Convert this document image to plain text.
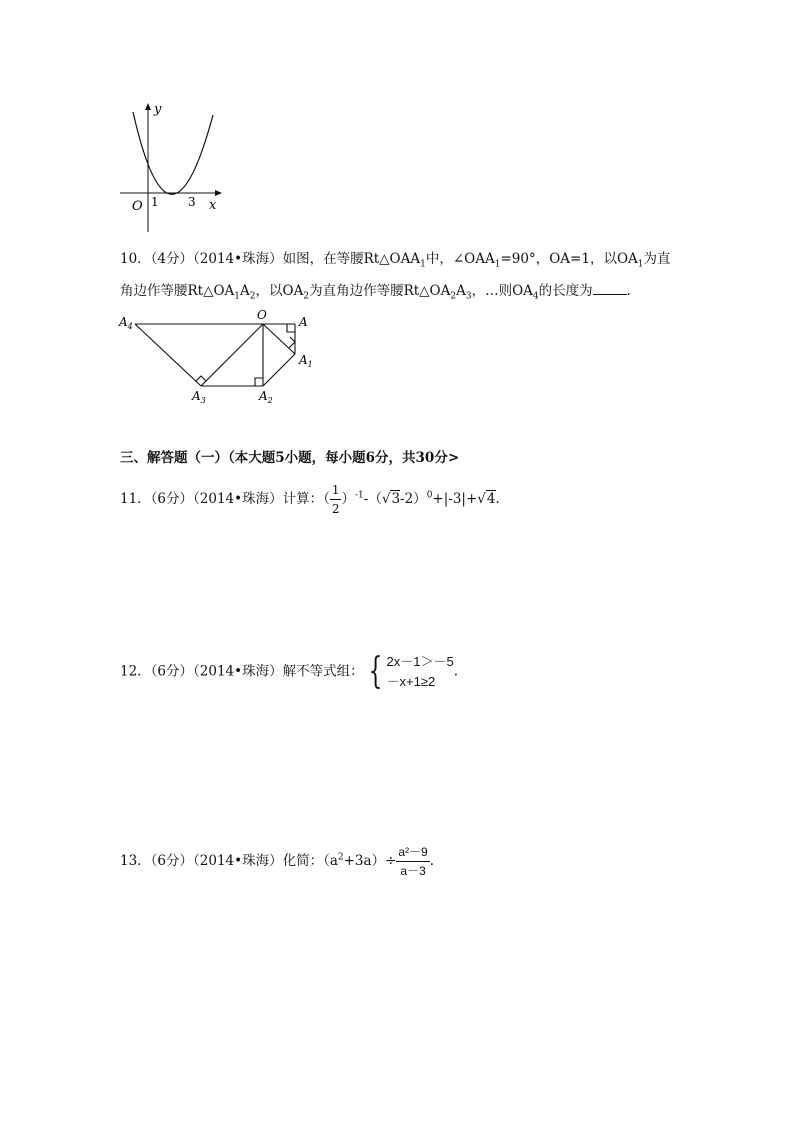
y
x
O 1 3
10．（4分）（2014•珠海）如图，在等腰$Rt\triangle OAA_1$中，$\angle OAA_1=90^\circ$，OA=1，以$OA_1$为直
角边作等腰$Rt\triangle OA_1A_2$，以$OA_2$为直角边作等腰$Rt\triangle OA_2A_3$，…则$OA_4$的长度为	.
$A_4$
O	A
$A_1$
$A_3$	$A_2$
三、解答题（一）（本大题5小题，每小题6分，共30分>
11．（6分）（2014•珠海）计算：（ $\frac{1}{2} )^{-1}-(√3-2)^0+|-3|+√4$.
12．（6分）（2014•珠海）解不等式组： { 2x－1＞－5
－x+1≥2
.
13．（6分）（2014•珠海）化简：$(a^2+3a)\div \frac{\text{a²－9}}{a-3}$ .
